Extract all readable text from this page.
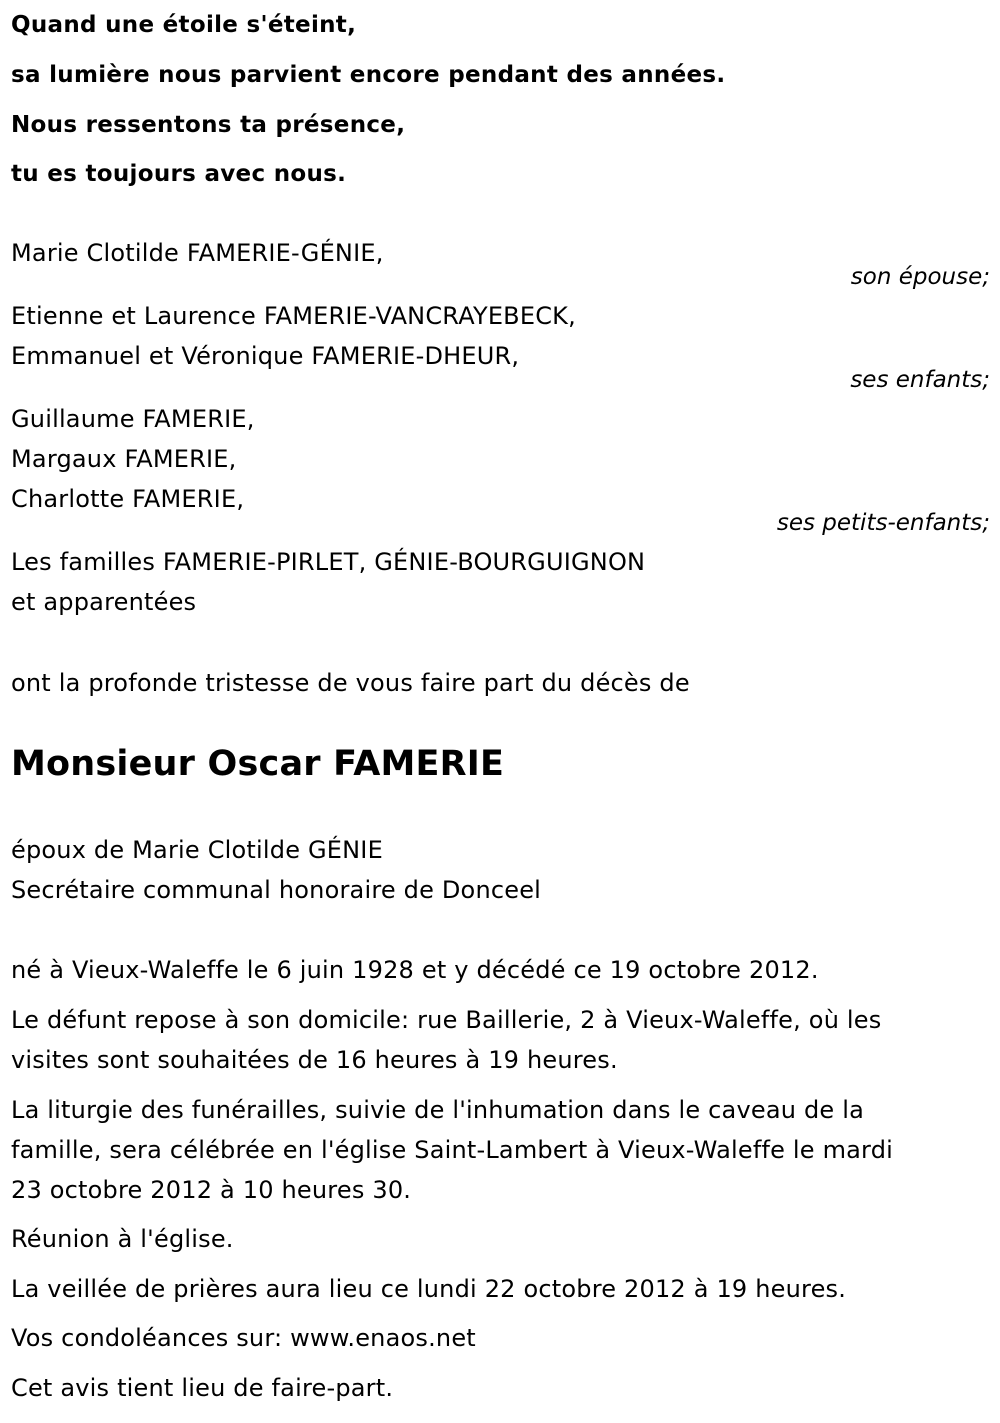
Quand une étoile s'éteint,
sa lumière nous parvient encore pendant des années.
Nous ressentons ta présence,
tu es toujours avec nous.
Marie Clotilde FAMERIE-GÉNIE,
son épouse;
Etienne et Laurence FAMERIE-VANCRAYEBECK,
Emmanuel et Véronique FAMERIE-DHEUR,
ses enfants;
Guillaume FAMERIE,
Margaux FAMERIE,
Charlotte FAMERIE,
ses petits-enfants;
Les familles FAMERIE-PIRLET, GÉNIE-BOURGUIGNON
et apparentées
ont la profonde tristesse de vous faire part du décès de
Monsieur Oscar FAMERIE
époux de Marie Clotilde GÉNIE
Secrétaire communal honoraire de Donceel
né à Vieux-Waleffe le 6 juin 1928 et y décédé ce 19 octobre 2012.
Le défunt repose à son domicile: rue Baillerie, 2 à Vieux-Waleffe, où les
visites sont souhaitées de 16 heures à 19 heures.
La liturgie des funérailles, suivie de l'inhumation dans le caveau de la
famille, sera célébrée en l'église Saint-Lambert à Vieux-Waleffe le mardi
23 octobre 2012 à 10 heures 30.
Réunion à l'église.
La veillée de prières aura lieu ce lundi 22 octobre 2012 à 19 heures.
Vos condoléances sur: www.enaos.net
Cet avis tient lieu de faire-part.
